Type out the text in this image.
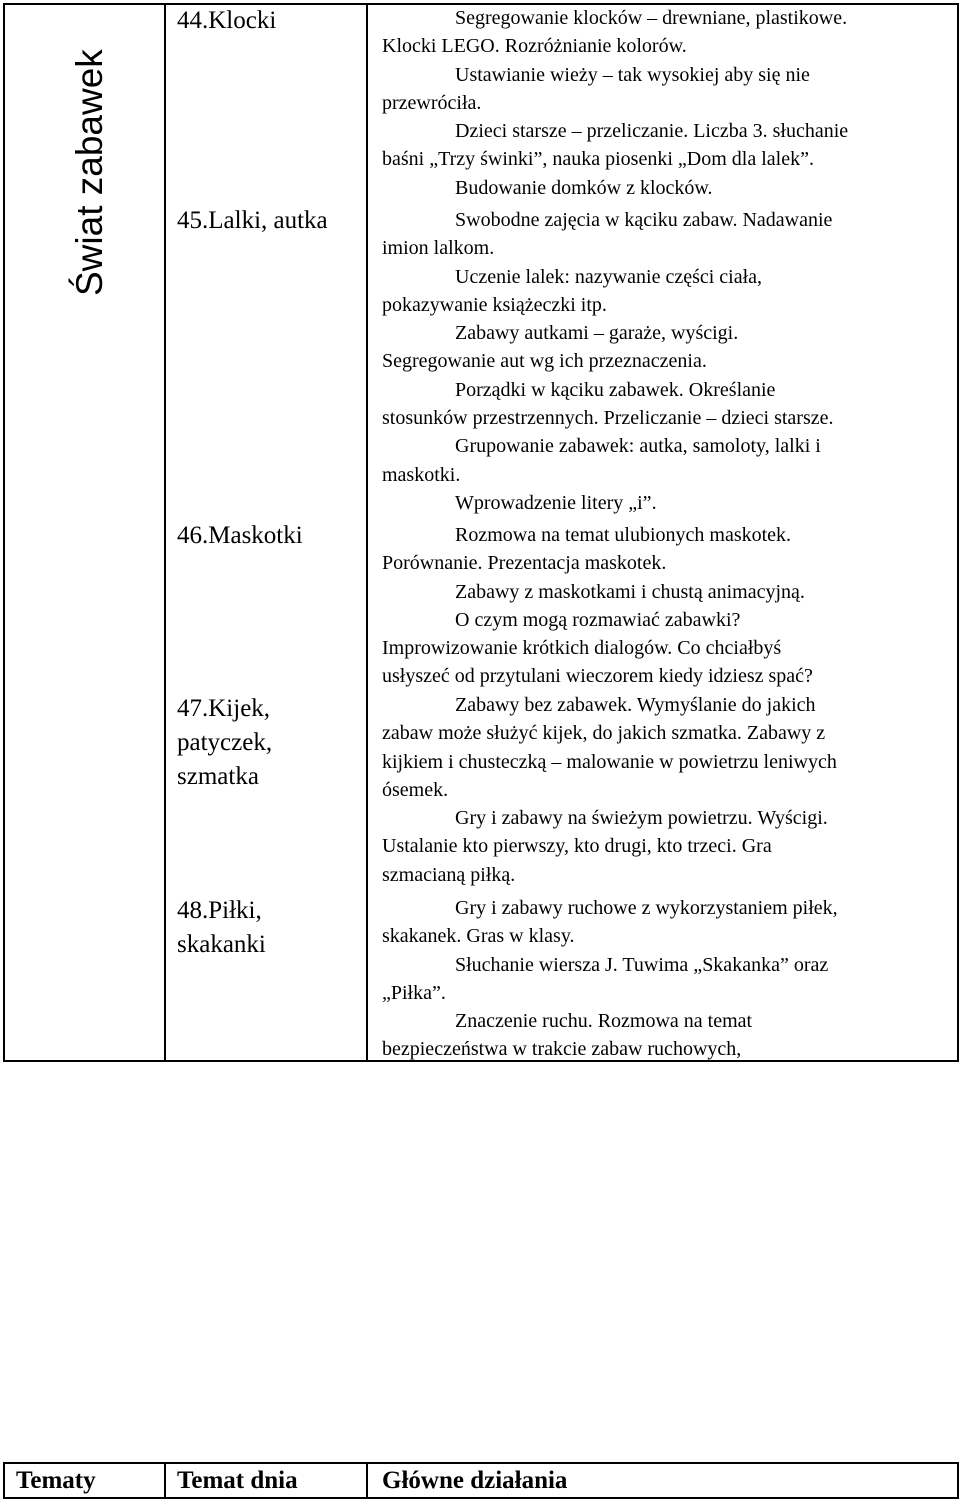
Świat zabawek
44.Klocki
45.Lalki, autka
46.Maskotki
47.Kijek,
patyczek,
szmatka
48.Piłki,
skakanki

Segregowanie klocków – drewniane, plastikowe.

Klocki LEGO. Rozróżnianie kolorów.

Ustawianie wieży – tak wysokiej aby się nie

przewróciła.

Dzieci starsze – przeliczanie. Liczba 3. słuchanie

baśni „Trzy świnki”, nauka piosenki „Dom dla lalek”.

Budowanie domków z klocków.

Swobodne zajęcia w kąciku zabaw. Nadawanie

imion lalkom.

Uczenie lalek: nazywanie części ciała,

pokazywanie książeczki itp.

Zabawy autkami – garaże, wyścigi.

Segregowanie aut wg ich przeznaczenia.

Porządki w kąciku zabawek. Określanie

stosunków przestrzennych. Przeliczanie – dzieci starsze.

Grupowanie zabawek: autka, samoloty, lalki i

maskotki.

Wprowadzenie litery „i”.

Rozmowa na temat ulubionych maskotek.

Porównanie. Prezentacja maskotek.

Zabawy z maskotkami i chustą animacyjną.

O czym mogą rozmawiać zabawki?

Improwizowanie krótkich dialogów. Co chciałbyś

usłyszeć od przytulani wieczorem kiedy idziesz spać?

Zabawy bez zabawek. Wymyślanie do jakich

zabaw może służyć kijek, do jakich szmatka. Zabawy z

kijkiem i chusteczką – malowanie w powietrzu leniwych

ósemek.

Gry i zabawy na świeżym powietrzu. Wyścigi.

Ustalanie kto pierwszy, kto drugi, kto trzeci. Gra

szmacianą piłką.

Gry i zabawy ruchowe z wykorzystaniem piłek,

skakanek. Gras w klasy.

Słuchanie wiersza J. Tuwima „Skakanka” oraz

„Piłka”.

Znaczenie ruchu. Rozmowa na temat

bezpieczeństwa w trakcie zabaw ruchowych,

Tematy	Temat dnia	Główne działania
